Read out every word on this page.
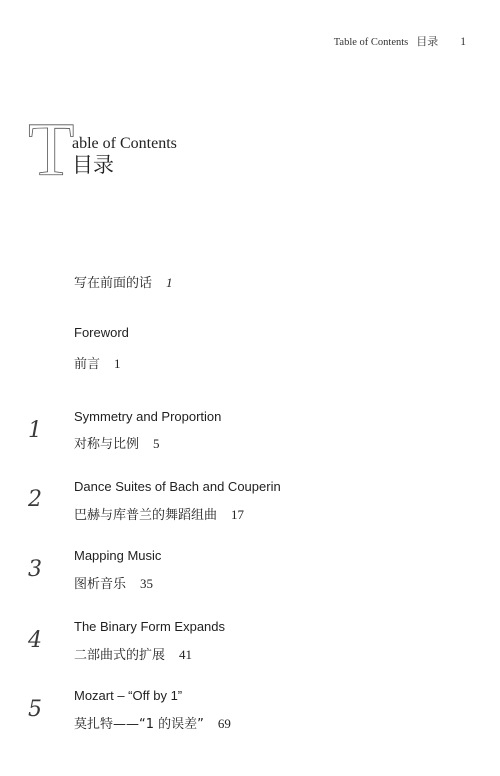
Table of Contents 目录 1
T
able of Contents
目录
写在前面的话 1
Foreword
前言 1
1
Symmetry and Proportion
对称与比例 5
2
Dance Suites of Bach and Couperin
巴赫与库普兰的舞蹈组曲 17
3
Mapping Music
图析音乐 35
4
The Binary Form Expands
二部曲式的扩展 41
5
Mozart – “Off by 1”
莫扎特——“1 的误差” 69
